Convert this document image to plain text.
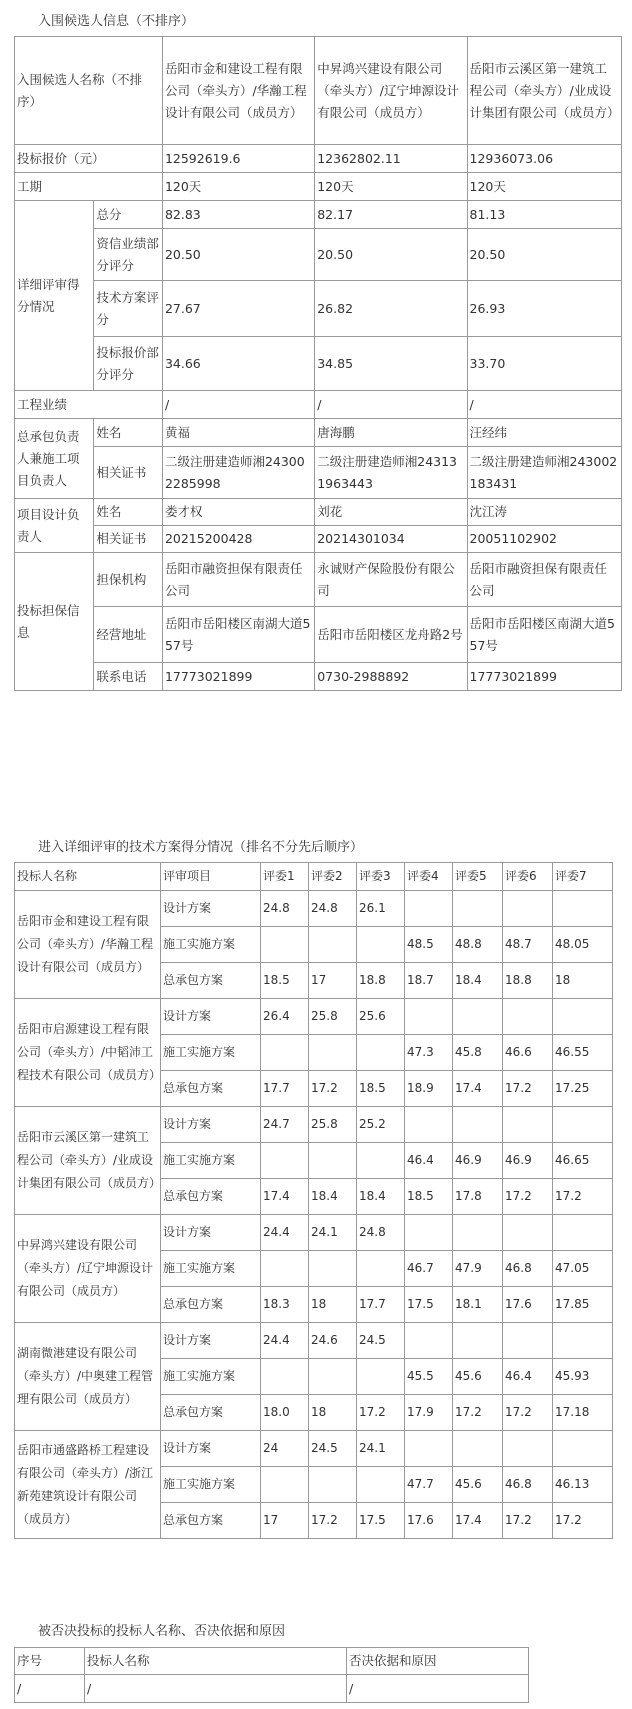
入围候选人信息（不排序）
入围候选人名称（不排序）		岳阳市金和建设工程有限公司（牵头方）/华瀚工程设计有限公司（成员方）	中昇鸿兴建设有限公司（牵头方）/辽宁坤源设计有限公司（成员方）	岳阳市云溪区第一建筑工程公司（牵头方）/业成设计集团有限公司（成员方）
投标报价（元）		12592619.6	12362802.11	12936073.06
工期		120天	120天	120天
详细评审得分情况	总分	82.83	82.17	81.13
	资信业绩部分评分	20.50	20.50	20.50
	技术方案评分	27.67	26.82	26.93
	投标报价部分评分	34.66	34.85	33.70
工程业绩		/	/	/
总承包负责人兼施工项目负责人	姓名	黄福	唐海鹏	汪经纬
	相关证书	二级注册建造师湘243002285998	二级注册建造师湘243131963443	二级注册建造师湘243002183431
项目设计负责人	姓名	娄才权	刘花	沈江涛
	相关证书	20215200428	20214301034	20051102902
投标担保信息	担保机构	岳阳市融资担保有限责任公司	永诚财产保险股份有限公司	岳阳市融资担保有限责任公司
	经营地址	岳阳市岳阳楼区南湖大道557号	岳阳市岳阳楼区龙舟路2号	岳阳市岳阳楼区南湖大道557号
	联系电话	17773021899	0730-2988892	17773021899
进入详细评审的技术方案得分情况（排名不分先后顺序）
投标人名称	评审项目	评委1	评委2	评委3	评委4	评委5	评委6	评委7
岳阳市金和建设工程有限公司（牵头方）/华瀚工程设计有限公司（成员方）	设计方案	24.8	24.8	26.1				
	施工实施方案				48.5	48.8	48.7	48.05
	总承包方案	18.5	17	18.8	18.7	18.4	18.8	18
岳阳市启源建设工程有限公司（牵头方）/中韬沛工程技术有限公司（成员方）	设计方案	26.4	25.8	25.6				
	施工实施方案				47.3	45.8	46.6	46.55
	总承包方案	17.7	17.2	18.5	18.9	17.4	17.2	17.25
岳阳市云溪区第一建筑工程公司（牵头方）/业成设计集团有限公司（成员方）	设计方案	24.7	25.8	25.2				
	施工实施方案				46.4	46.9	46.9	46.65
	总承包方案	17.4	18.4	18.4	18.5	17.8	17.2	17.2
中昇鸿兴建设有限公司（牵头方）/辽宁坤源设计有限公司（成员方）	设计方案	24.4	24.1	24.8				
	施工实施方案				46.7	47.9	46.8	47.05
	总承包方案	18.3	18	17.7	17.5	18.1	17.6	17.85
湖南微港建设有限公司（牵头方）/中奥建工程管理有限公司（成员方）	设计方案	24.4	24.6	24.5				
	施工实施方案				45.5	45.6	46.4	45.93
	总承包方案	18.0	18	17.2	17.9	17.2	17.2	17.18
岳阳市通盛路桥工程建设有限公司（牵头方）/浙江新苑建筑设计有限公司（成员方）	设计方案	24	24.5	24.1				
	施工实施方案				47.7	45.6	46.8	46.13
	总承包方案	17	17.2	17.5	17.6	17.4	17.2	17.2
被否决投标的投标人名称、否决依据和原因
序号	投标人名称	否决依据和原因
/	/	/
